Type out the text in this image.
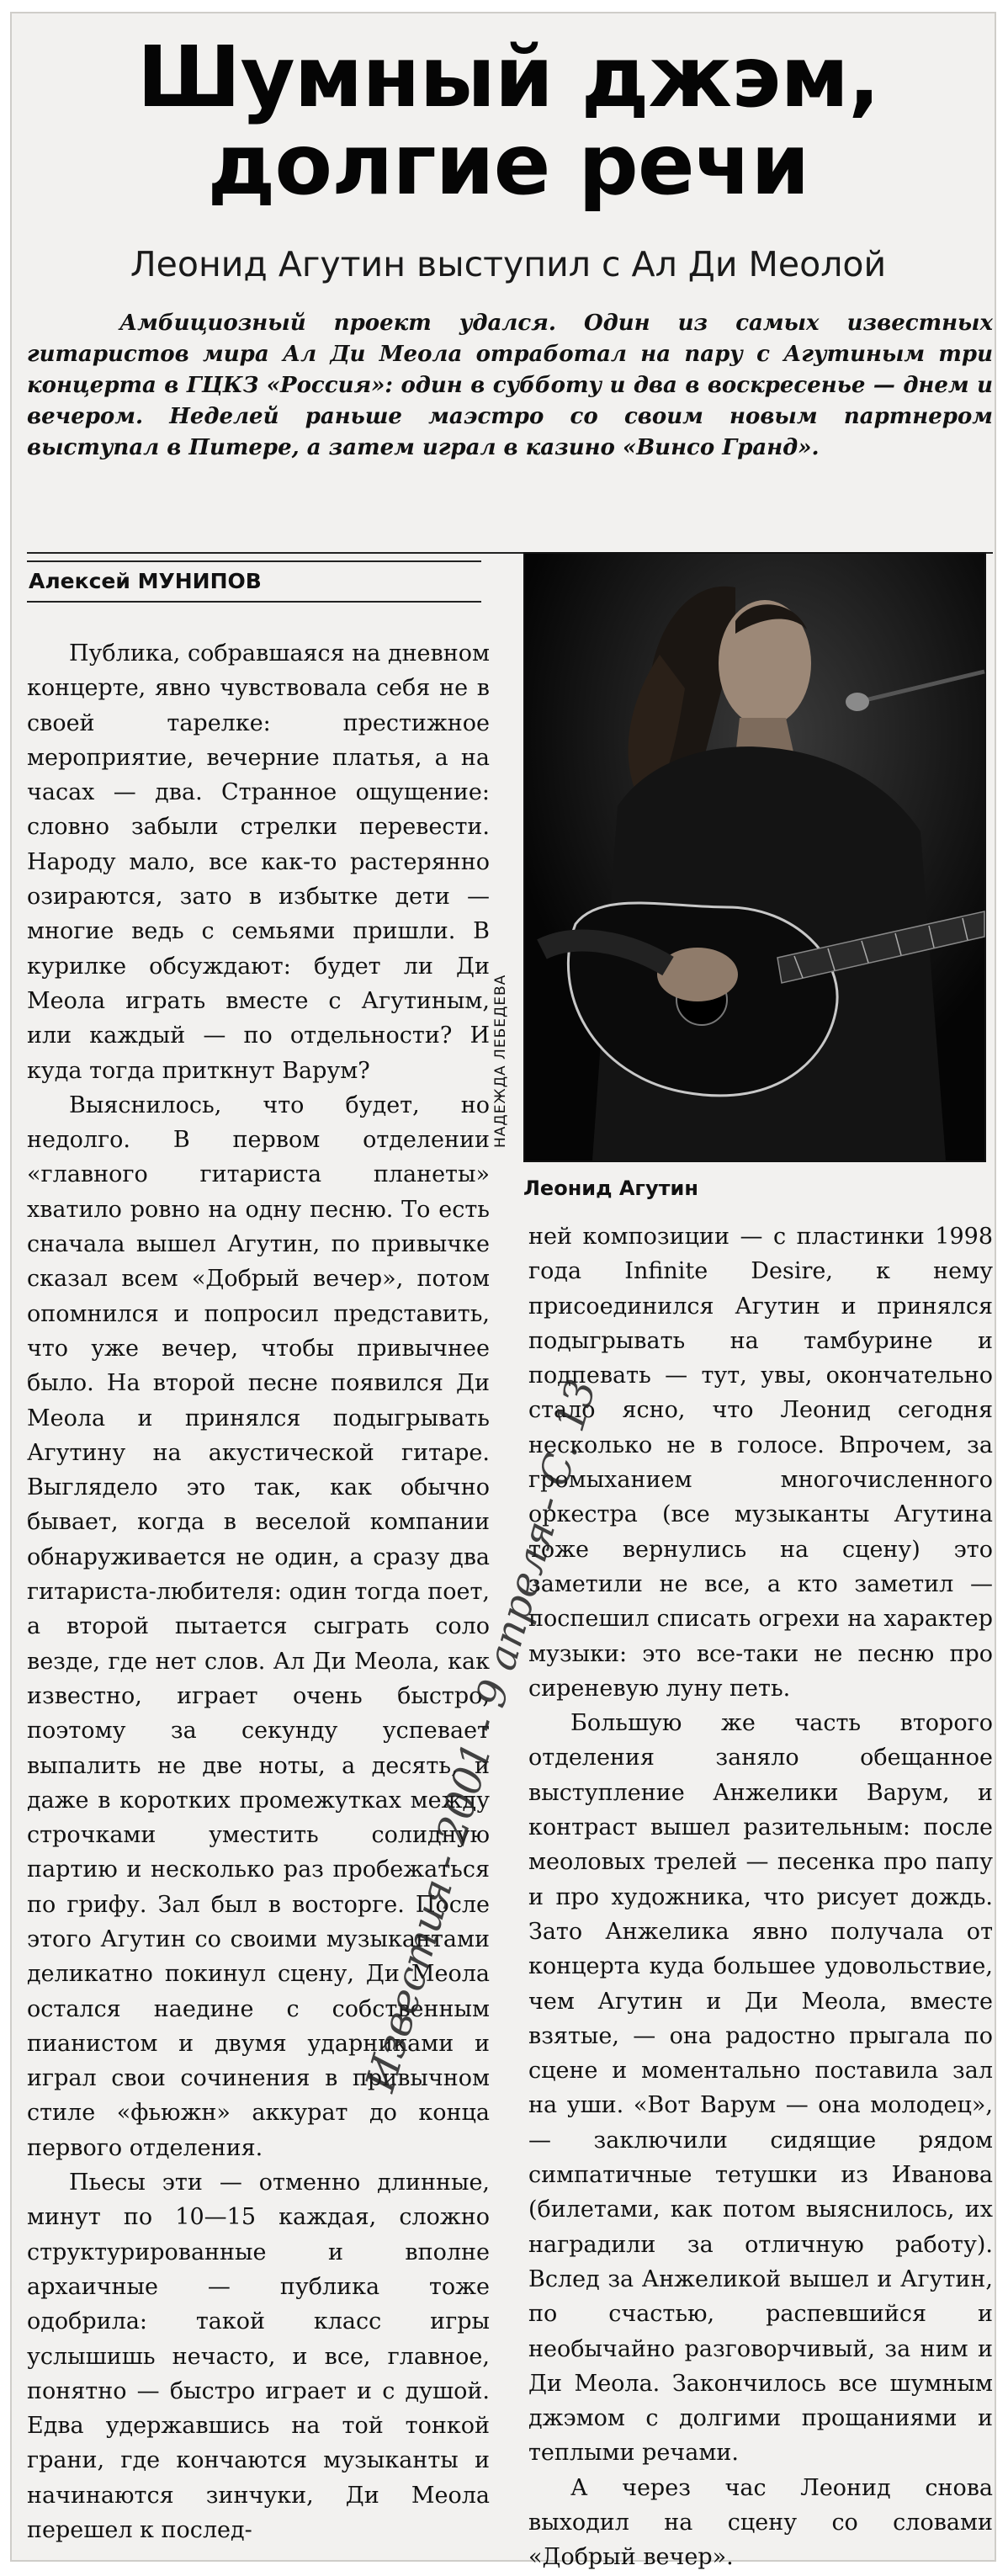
Шумный джэм,
долгие речи
Леонид Агутин выступил с Ал Ди Меолой
Амбициозный проект удался. Один из самых известных гитаристов мира Ал Ди Меола отработал на пару с Агутиным три концерта в ГЦКЗ «Россия»: один в субботу и два в воскресенье — днем и вечером. Неделей раньше маэстро со своим новым партнером выступал в Питере, а затем играл в казино «Винсо Гранд».
Алексей МУНИПОВ

Публика, собравшаяся на дневном концерте, явно чувствовала себя не в своей тарелке: престижное мероприятие, вечерние платья, а на часах — два. Странное ощущение: словно забыли стрелки перевести. Народу мало, все как-то растерянно озираются, зато в избытке дети — многие ведь с семьями пришли. В курилке обсуждают: будет ли Ди Меола играть вместе с Агутиным, или каждый — по отдельности? И куда тогда приткнут Варум?

Выяснилось, что будет, но недолго. В первом отделении «главного гитариста планеты» хватило ровно на одну песню. То есть сначала вышел Агутин, по привычке сказал всем «Добрый вечер», потом опомнился и попросил представить, что уже вечер, чтобы привычнее было. На второй песне появился Ди Меола и принялся подыгрывать Агутину на акустической гитаре. Выглядело это так, как обычно бывает, когда в веселой компании обнаруживается не один, а сразу два гитариста-любителя: один тогда поет, а второй пытается сыграть соло везде, где нет слов. Ал Ди Меола, как известно, играет очень быстро, поэтому за секунду успевает выпалить не две ноты, а десять, и даже в коротких промежутках между строчками уместить солидную партию и несколько раз пробежаться по грифу. Зал был в восторге. После этого Агутин со своими музыкантами деликатно покинул сцену, Ди Меола остался наедине с собственным пианистом и двумя ударниками и играл свои сочинения в привычном стиле «фьюжн» аккурат до конца первого отделения.

Пьесы эти — отменно длинные, минут по 10—15 каждая, сложно структурированные и вполне архаичные — публика тоже одобрила: такой класс игры услышишь нечасто, и все, главное, понятно — быстро играет и с душой. Едва удержавшись на той тонкой грани, где кончаются музыканты и начинаются зинчуки, Ди Меола перешел к послед-

НАДЕЖДА ЛЕБЕДЕВА
Леонид Агутин

ней композиции — с пластинки 1998 года Infinite Desire, к нему присоединился Агутин и принялся подыгрывать на тамбурине и подпевать — тут, увы, окончательно стало ясно, что Леонид сегодня несколько не в голосе. Впрочем, за громыханием многочисленного оркестра (все музыканты Агутина тоже вернулись на сцену) это заметили не все, а кто заметил — поспешил списать огрехи на характер музыки: это все-таки не песню про сиреневую луну петь.

Большую же часть второго отделения заняло обещанное выступление Анжелики Варум, и контраст вышел разительным: после меоловых трелей — песенка про папу и про художника, что рисует дождь. Зато Анжелика явно получала от концерта куда большее удовольствие, чем Агутин и Ди Меола, вместе взятые, — она радостно прыгала по сцене и моментально поставила зал на уши. «Вот Варум — она молодец», — заключили сидящие рядом симпатичные тетушки из Иванова (билетами, как потом выяснилось, их наградили за отличную работу). Вслед за Анжеликой вышел и Агутин, по счастью, распевшийся и необычайно разговорчивый, за ним и Ди Меола. Закончилось все шумным джэмом с долгими прощаниями и теплыми речами.

А через час Леонид снова выходил на сцену со словами «Добрый вечер».

Известия - 2001 - 9 апреля - С. 13
